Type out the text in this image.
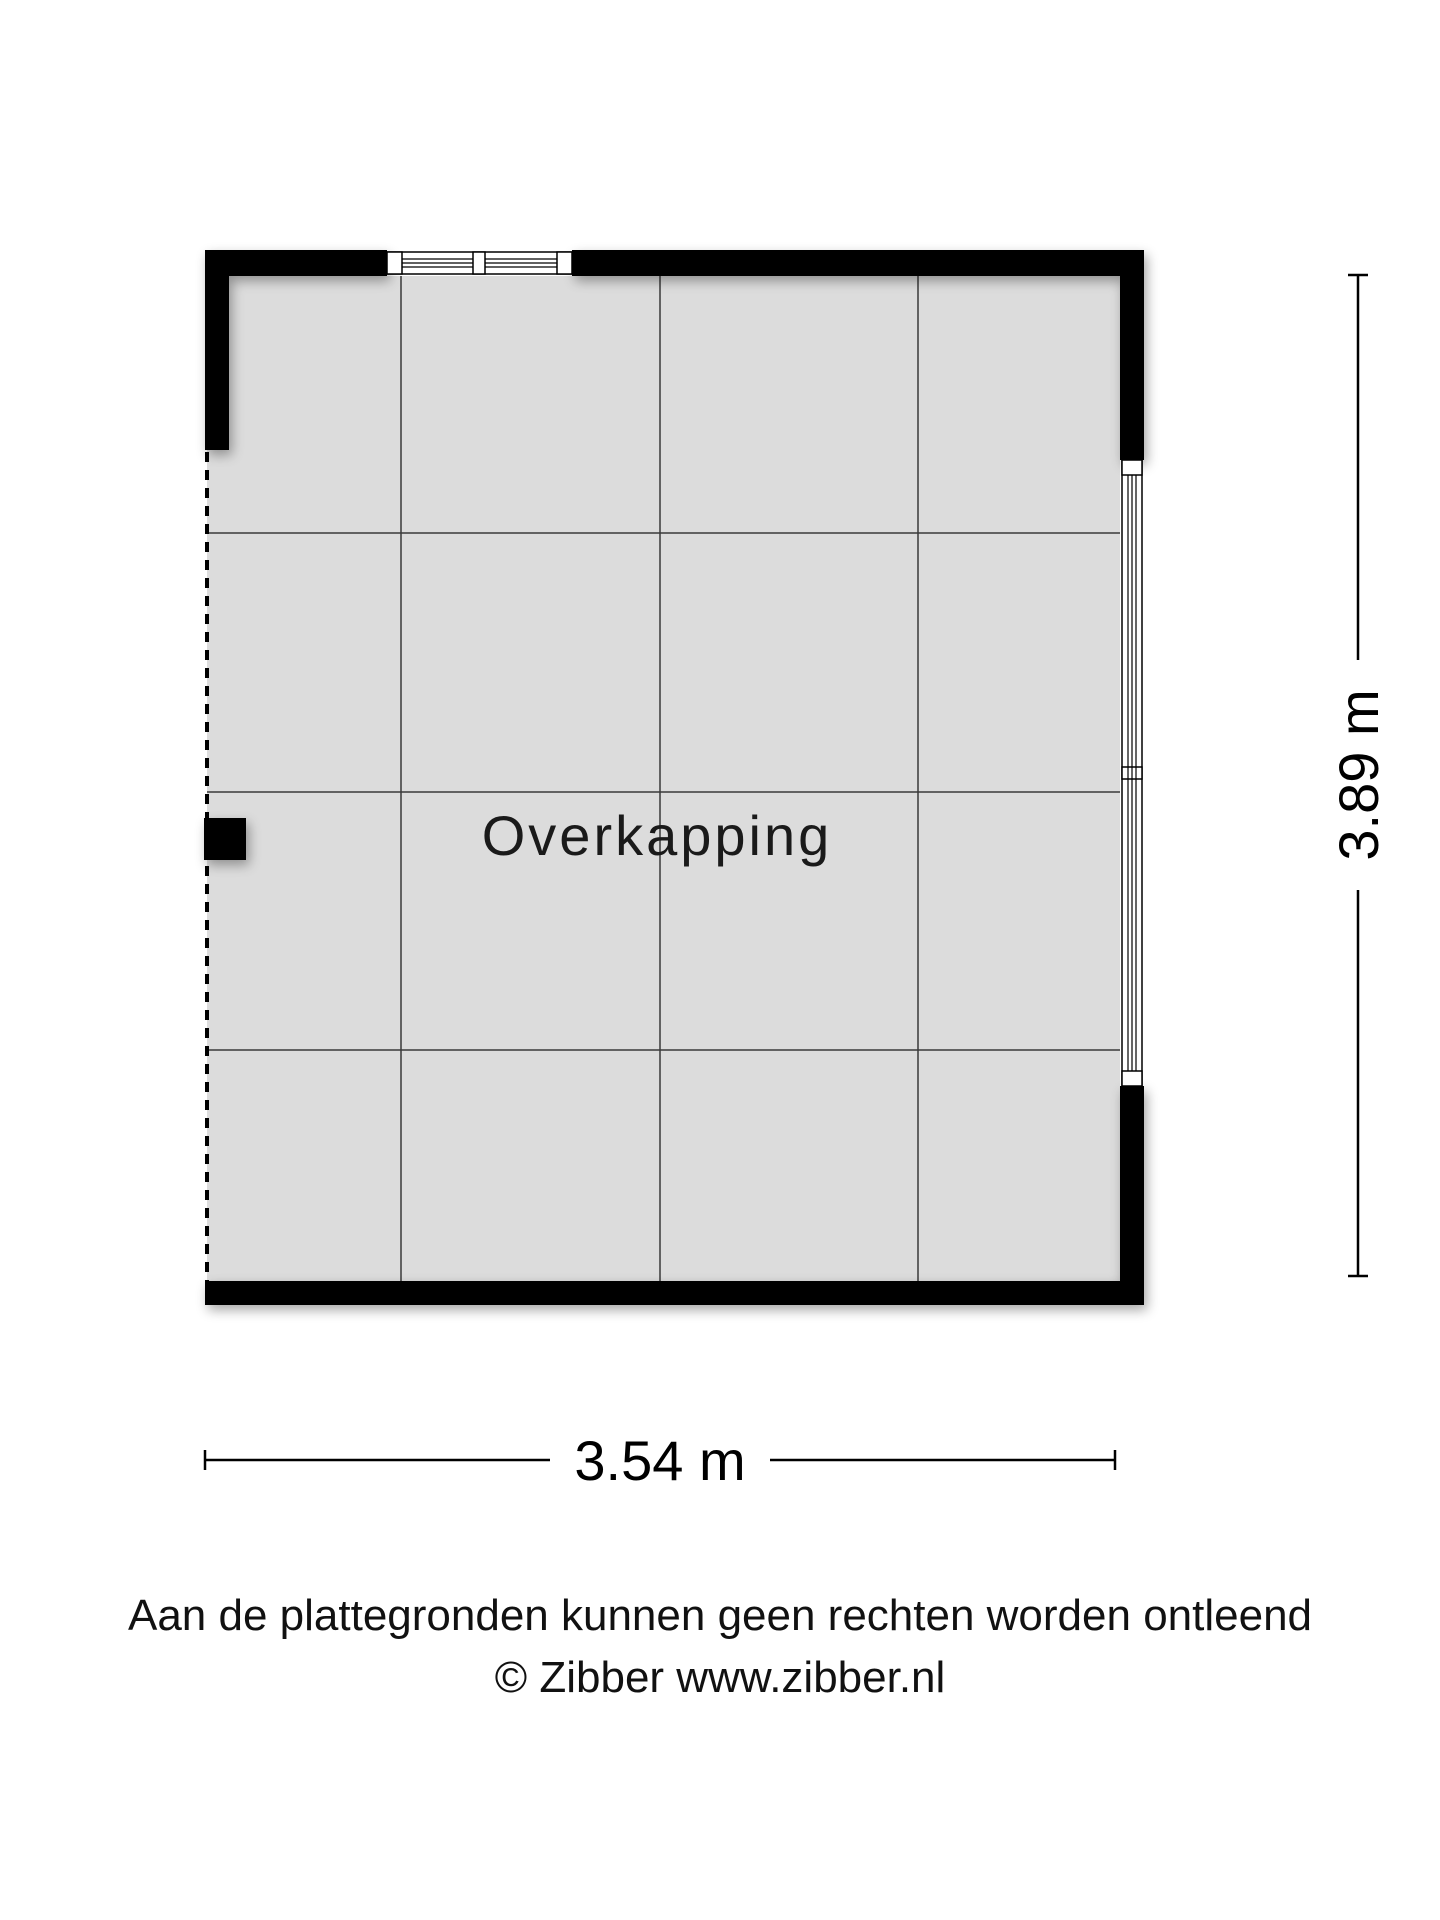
Overkapping
3.54 m
3.89 m
Aan de plattegronden kunnen geen rechten worden ontleend
© Zibber www.zibber.nl
